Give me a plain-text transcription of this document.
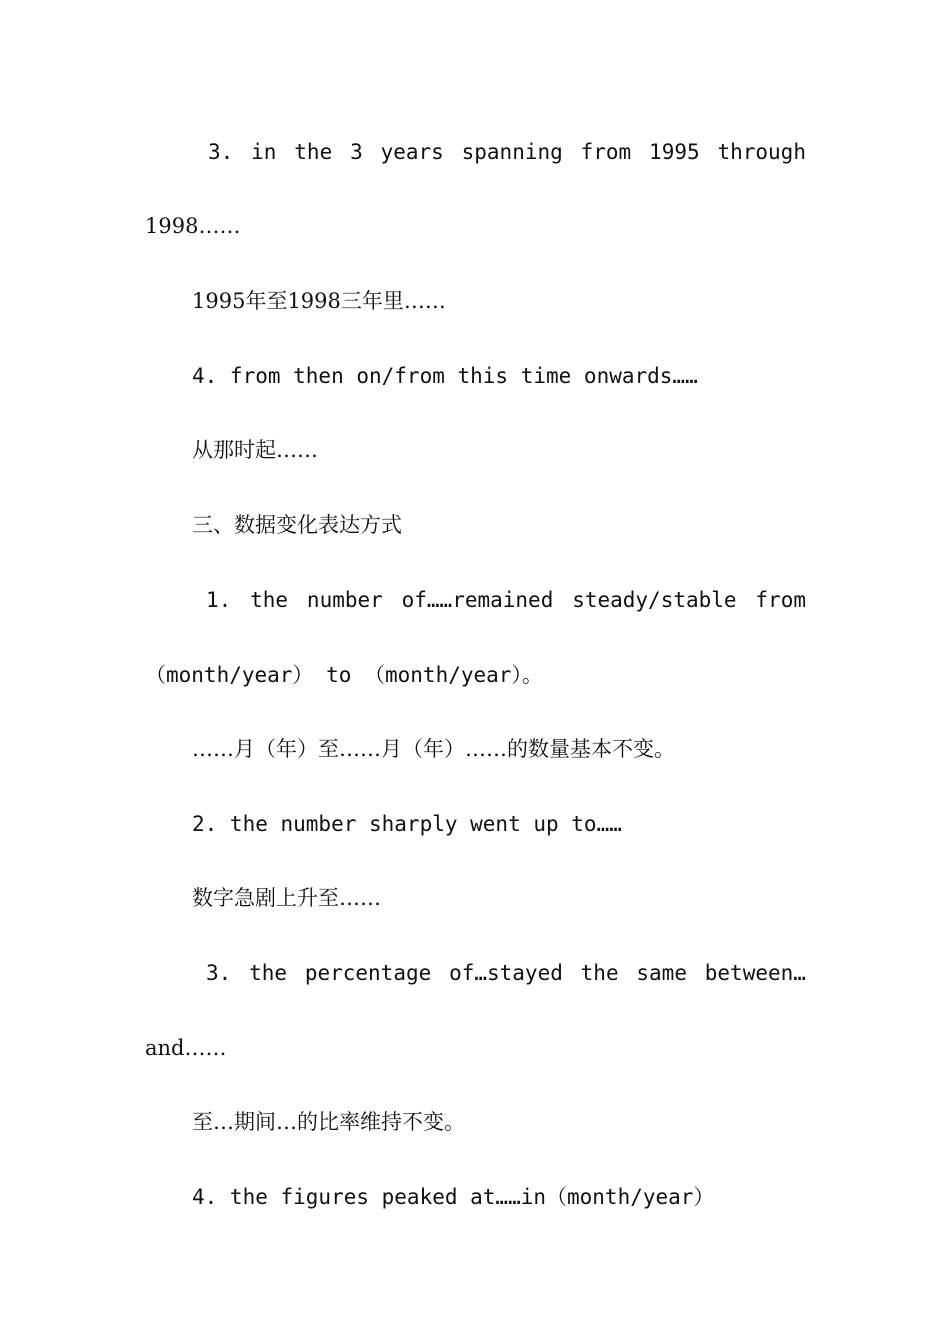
3. in the 3 years spanning from 1995 through
1998……
1995年至1998三年里……
4. from then on/from this time onwards……
从那时起……
三、数据变化表达方式
1. the number of……remained steady/stable from
（month/year） to （month/year）。
……月（年）至……月（年）……的数量基本不变。
2. the number sharply went up to……
数字急剧上升至……
3. the percentage of…stayed the same between…
and……
至…期间…的比率维持不变。
4. the figures peaked at……in（month/year）
